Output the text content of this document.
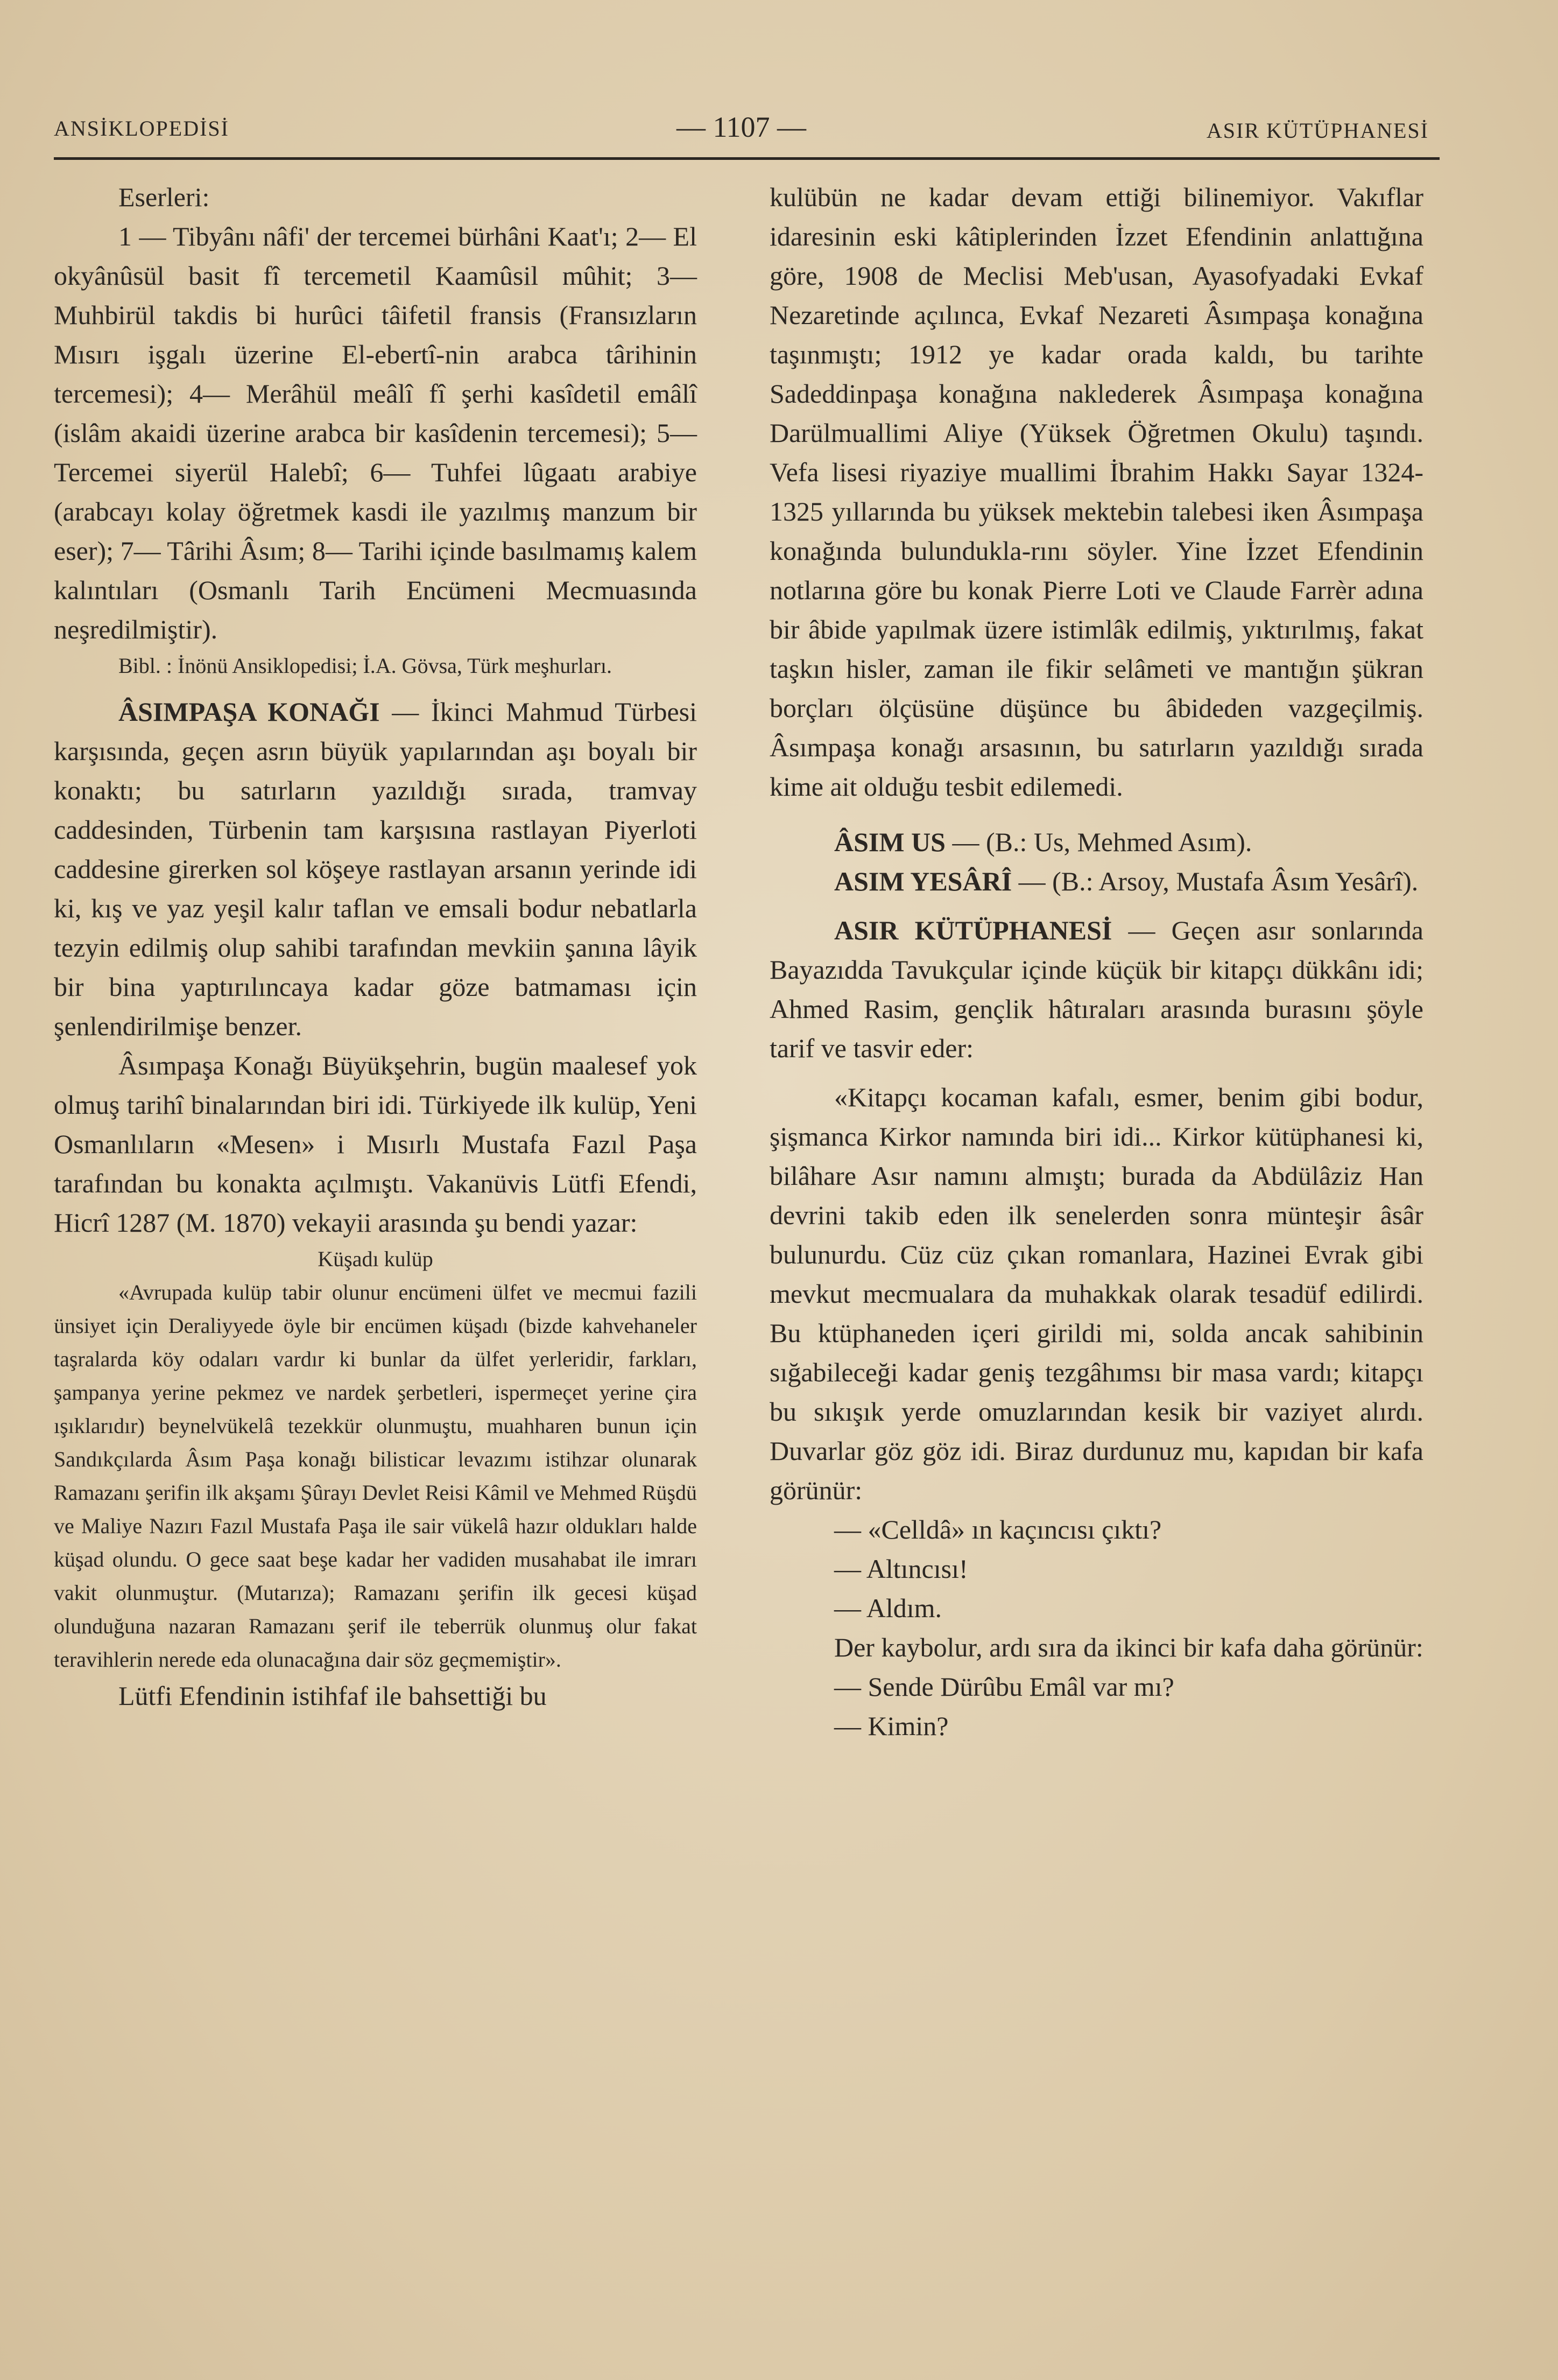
ANSİKLOPEDİSİ	— 1107 —	ASIR KÜTÜPHANESİ

Eserleri:

1 — Tibyânı nâfi' der tercemei bürhâni Kaat'ı; 2— El okyânûsül basit fî tercemetil Kaamûsil mûhit; 3— Muhbirül takdis bi hurûci tâifetil fransis (Fransızların Mısırı işgalı üzerine El-ebertî-nin arabca târihinin tercemesi); 4— Merâhül meâlî fî şerhi kasîdetil emâlî (islâm akaidi üzerine arabca bir kasîdenin tercemesi); 5— Tercemei siyerül Halebî; 6— Tuhfei lûgaatı arabiye (arabcayı kolay öğretmek kasdi ile yazılmış manzum bir eser); 7— Târihi Âsım; 8— Tarihi içinde basılmamış kalem kalıntıları (Osmanlı Tarih Encümeni Mecmuasında neşredilmiştir).

Bibl. : İnönü Ansiklopedisi; İ.A. Gövsa, Türk meşhurları.

ÂSIMPAŞA KONAĞI — İkinci Mahmud Türbesi karşısında, geçen asrın büyük yapılarından aşı boyalı bir konaktı; bu satırların yazıldığı sırada, tramvay caddesinden, Türbenin tam karşısına rastlayan Piyerloti caddesine girerken sol köşeye rastlayan arsanın yerinde idi ki, kış ve yaz yeşil kalır taflan ve emsali bodur nebatlarla tezyin edilmiş olup sahibi tarafından mevkiin şanına lâyik bir bina yaptırılıncaya kadar göze batmaması için şenlendirilmişe benzer.

Âsımpaşa Konağı Büyükşehrin, bugün maalesef yok olmuş tarihî binalarından biri idi. Türkiyede ilk kulüp, Yeni Osmanlıların «Mesen» i Mısırlı Mustafa Fazıl Paşa tarafından bu konakta açılmıştı. Vakanüvis Lütfi Efendi, Hicrî 1287 (M. 1870) vekayii arasında şu bendi yazar:

Küşadı kulüp

«Avrupada kulüp tabir olunur encümeni ülfet ve mecmui fazili ünsiyet için Deraliyyede öyle bir encümen küşadı (bizde kahvehaneler taşralarda köy odaları vardır ki bunlar da ülfet yerleridir, farkları, şampanya yerine pekmez ve nardek şerbetleri, ispermeçet yerine çira ışıklarıdır) beynelvükelâ tezekkür olunmuştu, muahharen bunun için Sandıkçılarda Âsım Paşa konağı bilisticar levazımı istihzar olunarak Ramazanı şerifin ilk akşamı Şûrayı Devlet Reisi Kâmil ve Mehmed Rüşdü ve Maliye Nazırı Fazıl Mustafa Paşa ile sair vükelâ hazır oldukları halde küşad olundu. O gece saat beşe kadar her vadiden musahabat ile imrarı vakit olunmuştur. (Mutarıza); Ramazanı şerifin ilk gecesi küşad olunduğuna nazaran Ramazanı şerif ile teberrük olunmuş olur fakat teravihlerin nerede eda olunacağına dair söz geçmemiştir».

Lütfi Efendinin istihfaf ile bahsettiği bu

kulübün ne kadar devam ettiği bilinemiyor. Vakıflar idaresinin eski kâtiplerinden İzzet Efendinin anlattığına göre, 1908 de Meclisi Meb'usan, Ayasofyadaki Evkaf Nezaretinde açılınca, Evkaf Nezareti Âsımpaşa konağına taşınmıştı; 1912 ye kadar orada kaldı, bu tarihte Sadeddinpaşa konağına naklederek Âsımpaşa konağına Darülmuallimi Aliye (Yüksek Öğretmen Okulu) taşındı. Vefa lisesi riyaziye muallimi İbrahim Hakkı Sayar 1324-1325 yıllarında bu yüksek mektebin talebesi iken Âsımpaşa konağında bulundukla-rını söyler. Yine İzzet Efendinin notlarına göre bu konak Pierre Loti ve Claude Farrèr adına bir âbide yapılmak üzere istimlâk edilmiş, yıktırılmış, fakat taşkın hisler, zaman ile fikir selâmeti ve mantığın şükran borçları ölçüsüne düşünce bu âbideden vazgeçilmiş. Âsımpaşa konağı arsasının, bu satırların yazıldığı sırada kime ait olduğu tesbit edilemedi.

ÂSIM US — (B.: Us, Mehmed Asım).

ASIM YESÂRÎ — (B.: Arsoy, Mustafa Âsım Yesârî).

ASIR KÜTÜPHANESİ — Geçen asır sonlarında Bayazıdda Tavukçular içinde küçük bir kitapçı dükkânı idi; Ahmed Rasim, gençlik hâtıraları arasında burasını şöyle tarif ve tasvir eder:

«Kitapçı kocaman kafalı, esmer, benim gibi bodur, şişmanca Kirkor namında biri idi... Kirkor kütüphanesi ki, bilâhare Asır namını almıştı; burada da Abdülâziz Han devrini takib eden ilk senelerden sonra münteşir âsâr bulunurdu. Cüz cüz çıkan romanlara, Hazinei Evrak gibi mevkut mecmualara da muhakkak olarak tesadüf edilirdi. Bu ktüphaneden içeri girildi mi, solda ancak sahibinin sığabileceği kadar geniş tezgâhımsı bir masa vardı; kitapçı bu sıkışık yerde omuzlarından kesik bir vaziyet alırdı. Duvarlar göz göz idi. Biraz durdunuz mu, kapıdan bir kafa görünür:

— «Celldâ» ın kaçıncısı çıktı?

— Altıncısı!

— Aldım.

Der kaybolur, ardı sıra da ikinci bir kafa daha görünür:

— Sende Dürûbu Emâl var mı?

— Kimin?
